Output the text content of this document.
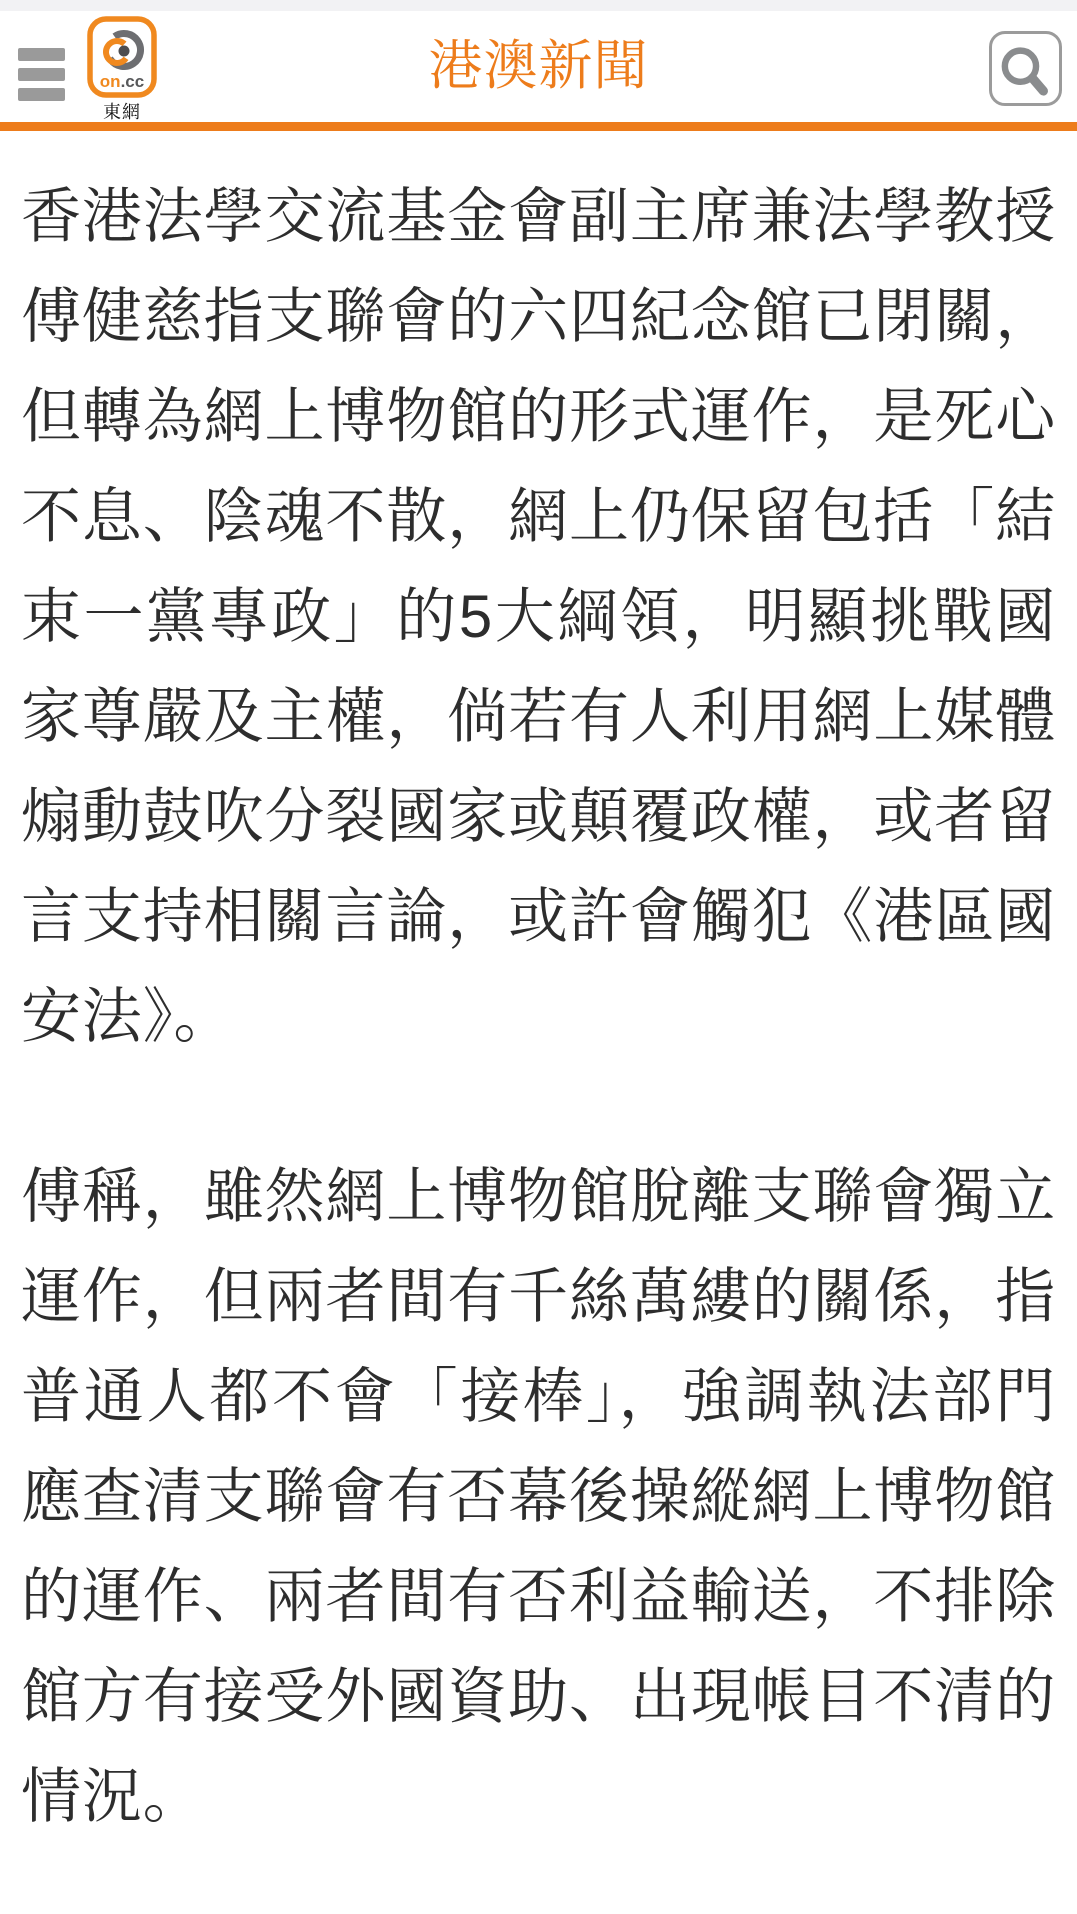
on.cc
東網
港澳新聞

香港法學交流基金會副主席兼法學教授
傅健慈指支聯會的六四紀念館已閉關，
但轉為網上博物館的形式運作，是死心
不息、陰魂不散，網上仍保留包括「結
束一黨專政」的5大綱領，明顯挑戰國
家尊嚴及主權，倘若有人利用網上媒體
煽動鼓吹分裂國家或顛覆政權，或者留
言支持相關言論，或許會觸犯《港區國
安法》。

傅稱，雖然網上博物館脫離支聯會獨立
運作，但兩者間有千絲萬縷的關係，指
普通人都不會「接棒」，強調執法部門
應查清支聯會有否幕後操縱網上博物館
的運作、兩者間有否利益輸送，不排除
館方有接受外國資助、出現帳目不清的
情況。
